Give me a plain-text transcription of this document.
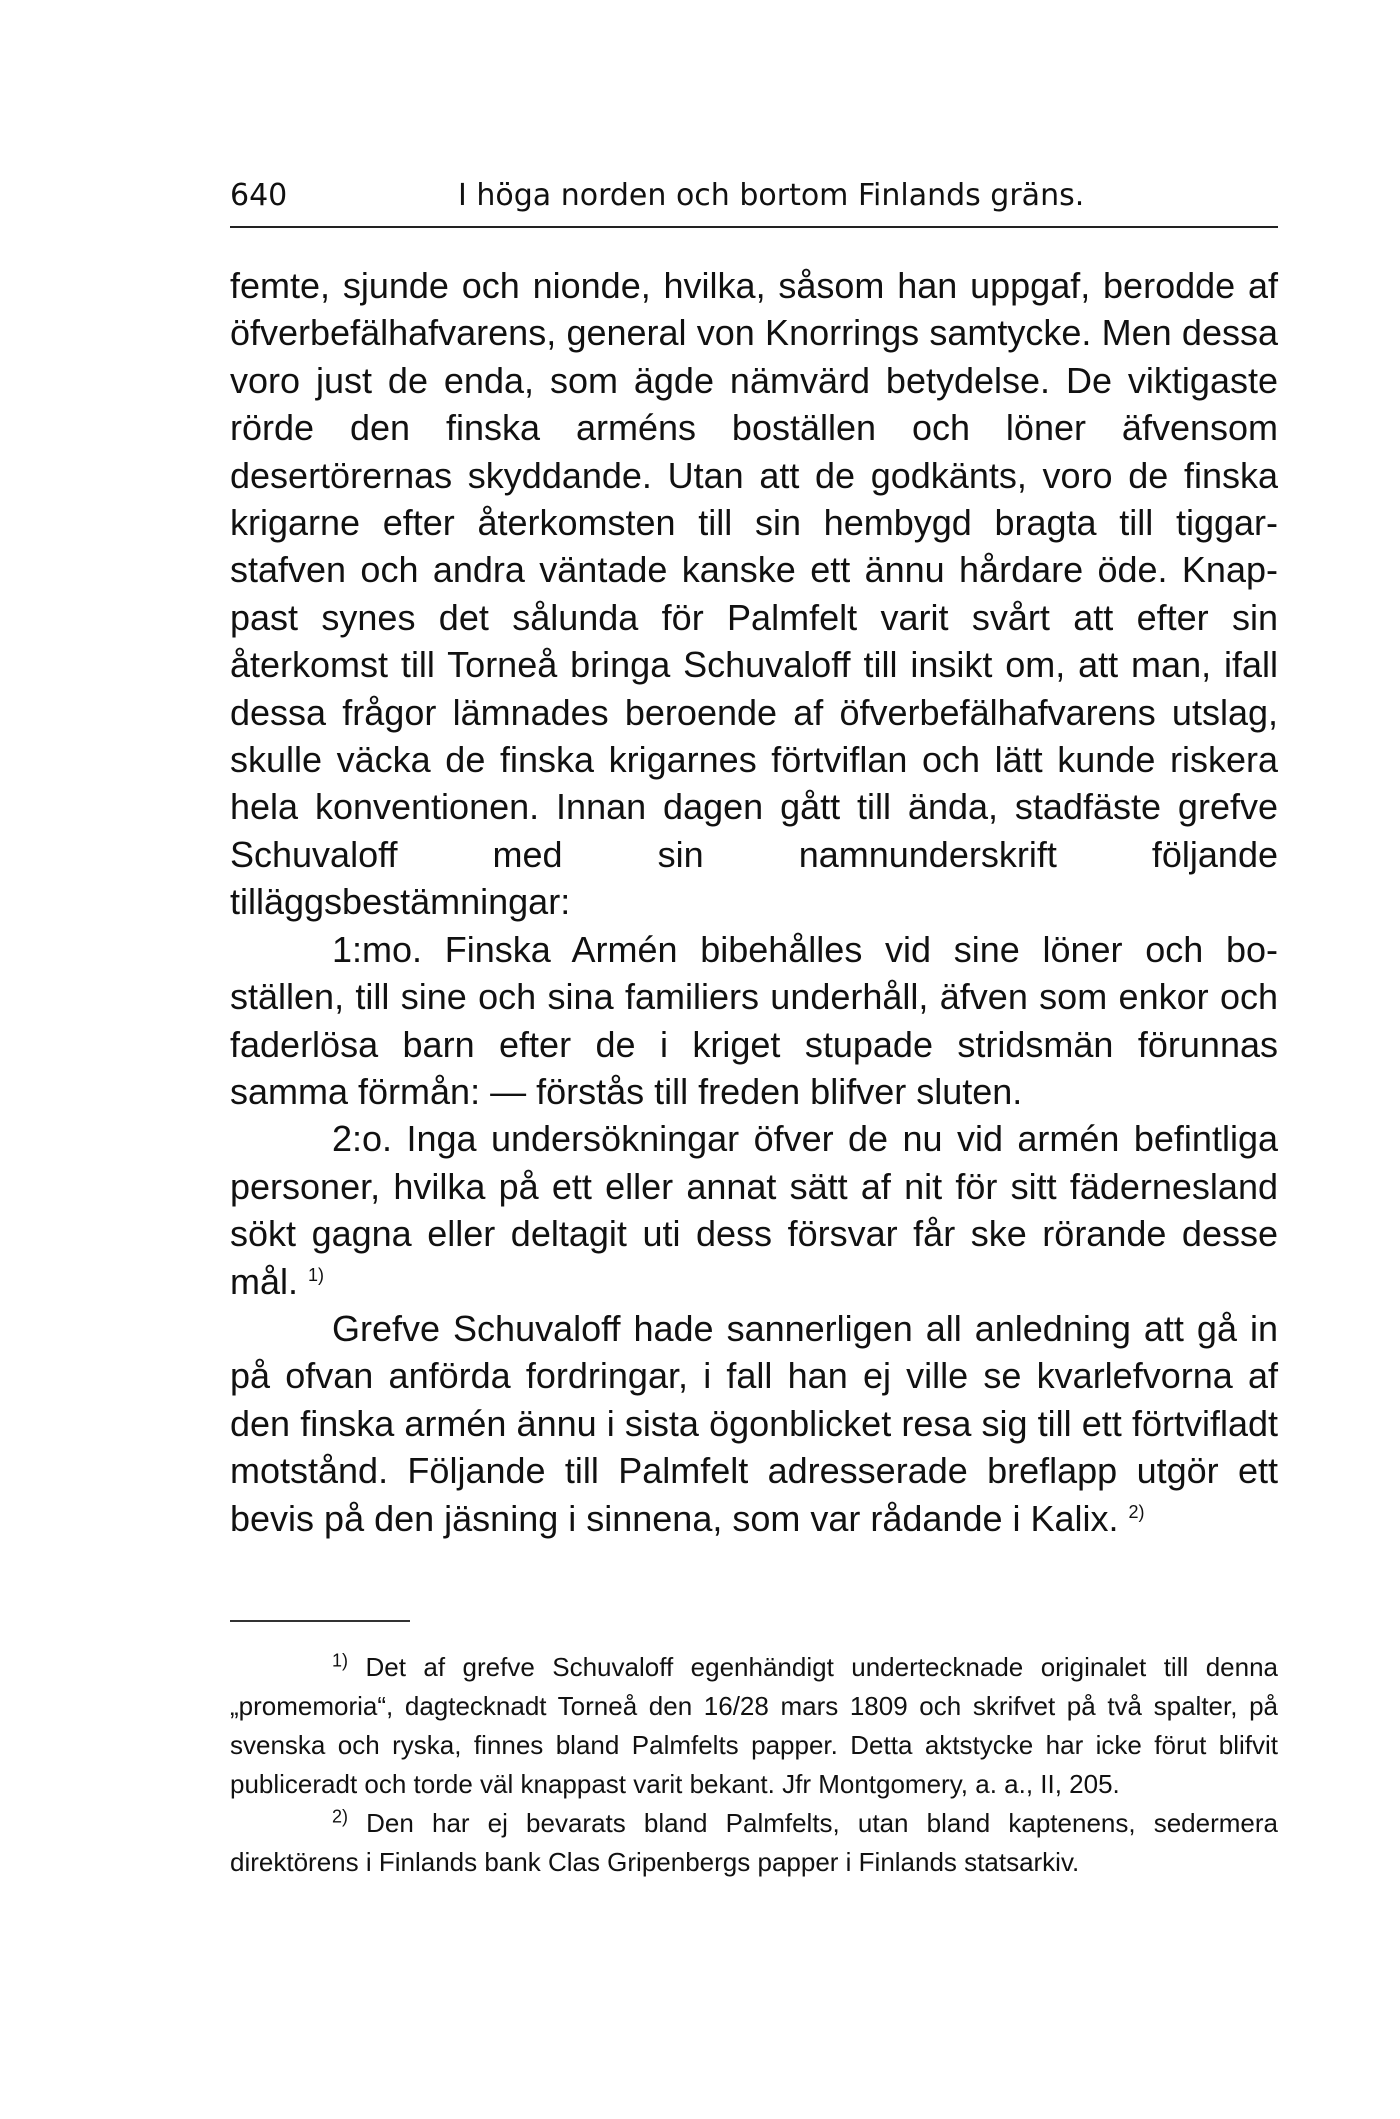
640	I höga norden och bortom Finlands gräns.

femte, sjunde och nionde, hvilka, såsom han uppgaf, berodde af öfverbefälhafvarens, general von Knorrings samtycke. Men dessa voro just de enda, som ägde nämvärd betydelse. De viktigaste rörde den finska arméns boställen och löner äfvensom desertörernas skyddande. Utan att de godkänts, voro de finska krigarne efter återkomsten till sin hembygd bragta till tiggarstafven och andra väntade kanske ett ännu hårdare öde. Knappast synes det sålunda för Palmfelt varit svårt att efter sin återkomst till Torneå bringa Schuvaloff till insikt om, att man, ifall dessa frågor lämnades beroende af öfverbefälhafvarens utslag, skulle väcka de finska krigarnes förtviflan och lätt kunde riskera hela konventionen. Innan dagen gått till ända, stadfäste grefve Schuvaloff med sin namnunderskrift följande tilläggsbestämningar:

1:mo. Finska Armén bibehålles vid sine löner och boställen, till sine och sina familiers underhåll, äfven som enkor och faderlösa barn efter de i kriget stupade stridsmän förunnas samma förmån: — förstås till freden blifver sluten.

2:o. Inga undersökningar öfver de nu vid armén befintliga personer, hvilka på ett eller annat sätt af nit för sitt fädernesland sökt gagna eller deltagit uti dess försvar får ske rörande desse mål. $^{1)}$

Grefve Schuvaloff hade sannerligen all anledning att gå in på ofvan anförda fordringar, i fall han ej ville se kvarlefvorna af den finska armén ännu i sista ögonblicket resa sig till ett förtvifladt motstånd. Följande till Palmfelt adresserade breflapp utgör ett bevis på den jäsning i sinnena, som var rådande i Kalix. $^{2)}$

$^{1)}$ Det af grefve Schuvaloff egenhändigt undertecknade originalet till denna „promemoria“, dagtecknadt Torneå den 16/28 mars 1809 och skrifvet på två spalter, på svenska och ryska, finnes bland Palmfelts papper. Detta aktstycke har icke förut blifvit publiceradt och torde väl knappast varit bekant. Jfr Montgomery, a. a., II, 205.

$^{2)}$ Den har ej bevarats bland Palmfelts, utan bland kaptenens, sedermera direktörens i Finlands bank Clas Gripenbergs papper i Finlands statsarkiv.
